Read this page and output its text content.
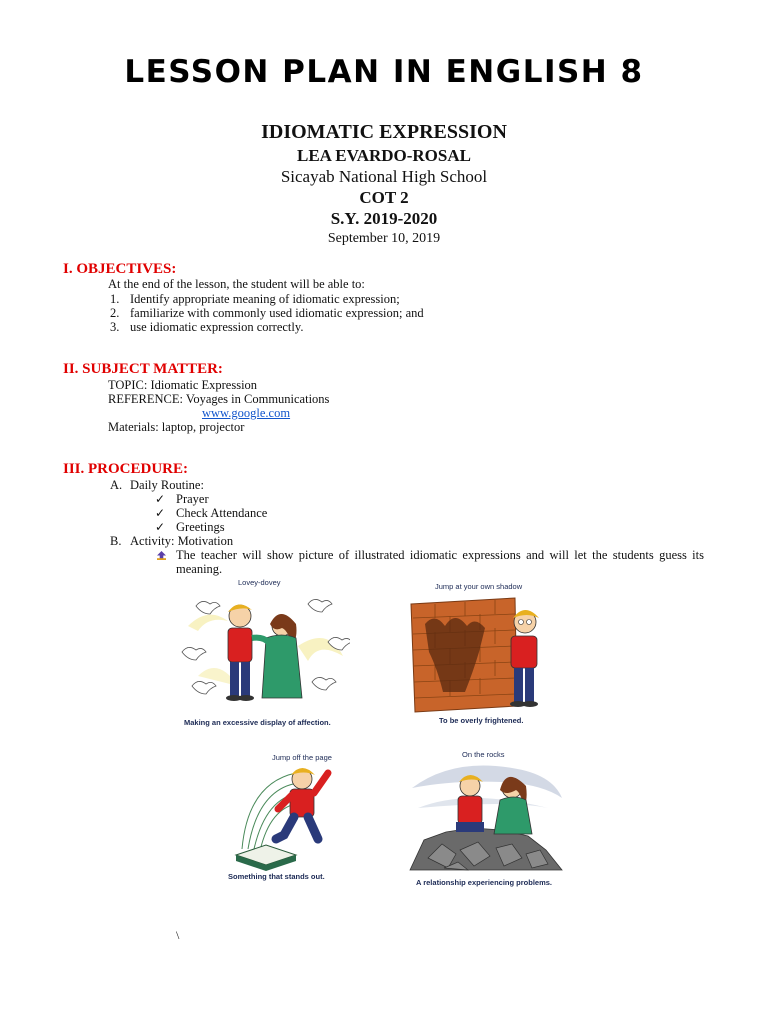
LESSON PLAN IN ENGLISH 8
IDIOMATIC EXPRESSION
LEA EVARDO-ROSAL
Sicayab National High School
COT 2
S.Y. 2019-2020
September 10, 2019
I. OBJECTIVES:
At the end of the lesson, the student will be able to:
1. Identify appropriate meaning of idiomatic expression;
2. familiarize with commonly used idiomatic expression; and
3. use idiomatic expression correctly.
II. SUBJECT MATTER:
TOPIC: Idiomatic Expression
REFERENCE: Voyages in Communications
www.google.com
Materials: laptop, projector
III. PROCEDURE:
A. Daily Routine:
✓ Prayer
✓ Check Attendance
✓ Greetings
B. Activity: Motivation
The teacher will show picture of illustrated idiomatic expressions and will let the students guess its meaning.
Lovey-dovey
Making an excessive display of affection.
Jump at your own shadow
To be overly frightened.
Jump off the page
Something that stands out.
On the rocks
A relationship experiencing problems.
\
